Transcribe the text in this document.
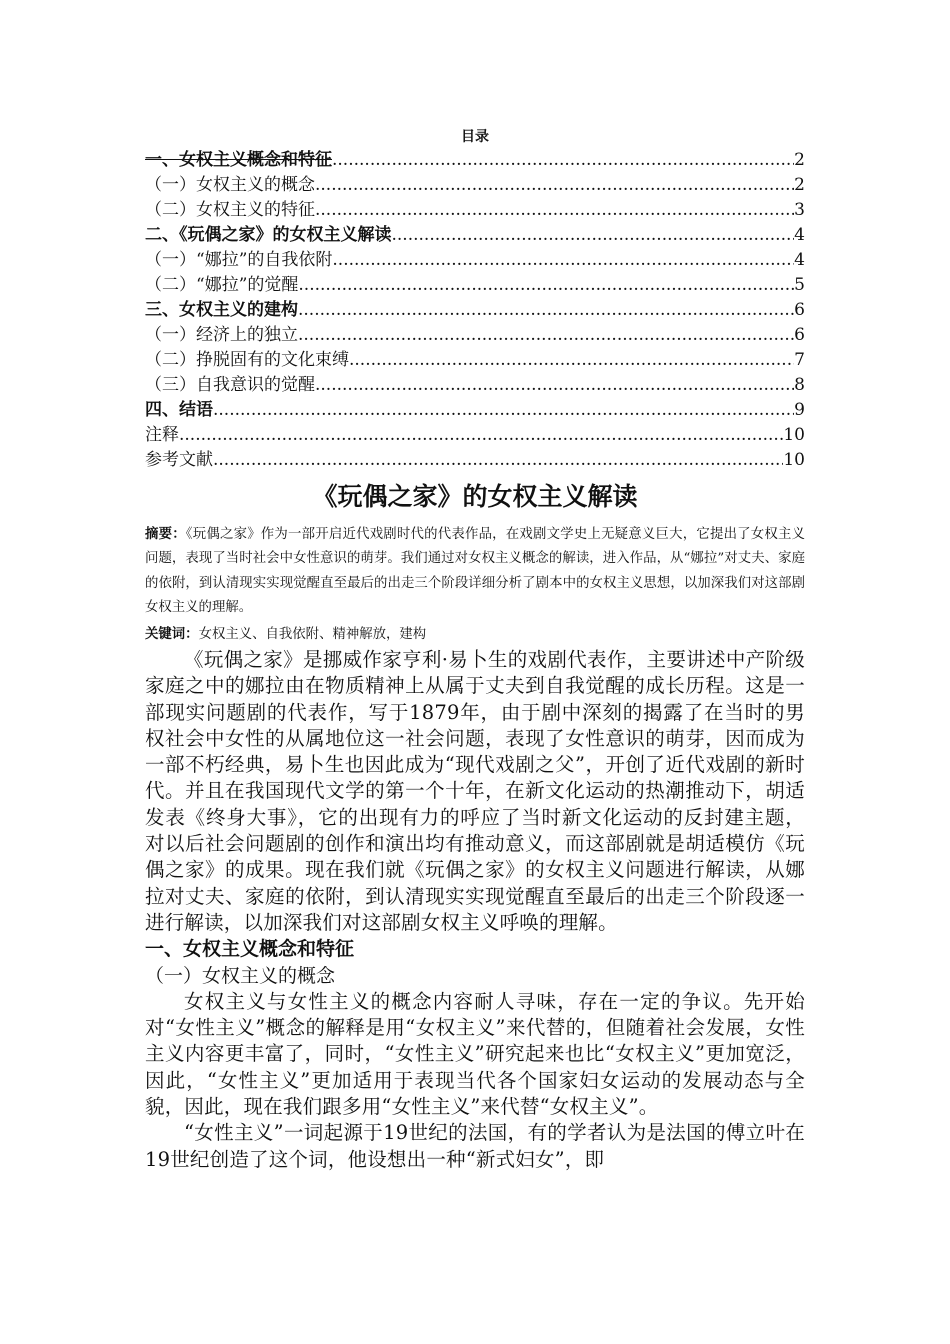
目录
一、女权主义概念和特征 .....	2
（一）女权主义的概念 .....	2
（二）女权主义的特征 .....	3
二、《玩偶之家》的女权主义解读 .....	4
（一）“娜拉”的自我依附 .....	4
（二）“娜拉”的觉醒 .....	5
三、女权主义的建构 .....	6
（一）经济上的独立 .....	6
（二）挣脱固有的文化束缚 .....	7
（三）自我意识的觉醒 .....	8
四、结语 .....	9
注释 .....	10
参考文献 .....	10
《玩偶之家》的女权主义解读
摘要：《玩偶之家》作为一部开启近代戏剧时代的代表作品，在戏剧文学史上无疑意义巨大，它提出了女权主义问题，表现了当时社会中女性意识的萌芽。我们通过对女权主义概念的解读，进入作品，从“娜拉”对丈夫、家庭的依附，到认清现实实现觉醒直至最后的出走三个阶段详细分析了剧本中的女权主义思想，以加深我们对这部剧女权主义的理解。
关键词：女权主义、自我依附、精神解放，建构

《玩偶之家》是挪威作家亨利·易卜生的戏剧代表作，主要讲述中产阶级家庭之中的娜拉由在物质精神上从属于丈夫到自我觉醒的成长历程。这是一部现实问题剧的代表作，写于1879年，由于剧中深刻的揭露了在当时的男权社会中女性的从属地位这一社会问题，表现了女性意识的萌芽，因而成为一部不朽经典，易卜生也因此成为“现代戏剧之父”，开创了近代戏剧的新时代。并且在我国现代文学的第一个十年，在新文化运动的热潮推动下，胡适发表《终身大事》，它的出现有力的呼应了当时新文化运动的反封建主题，对以后社会问题剧的创作和演出均有推动意义，而这部剧就是胡适模仿《玩偶之家》的成果。现在我们就《玩偶之家》的女权主义问题进行解读，从娜拉对丈夫、家庭的依附，到认清现实实现觉醒直至最后的出走三个阶段逐一进行解读，以加深我们对这部剧女权主义呼唤的理解。

一、女权主义概念和特征

（一）女权主义的概念

女权主义与女性主义的概念内容耐人寻味，存在一定的争议。先开始对“女性主义”概念的解释是用“女权主义”来代替的，但随着社会发展，女性主义内容更丰富了，同时，“女性主义”研究起来也比“女权主义”更加宽泛，因此，“女性主义”更加适用于表现当代各个国家妇女运动的发展动态与全貌，因此，现在我们跟多用“女性主义”来代替“女权主义”。

“女性主义”一词起源于19世纪的法国，有的学者认为是法国的傅立叶在19世纪创造了这个词，他设想出一种“新式妇女”，即
